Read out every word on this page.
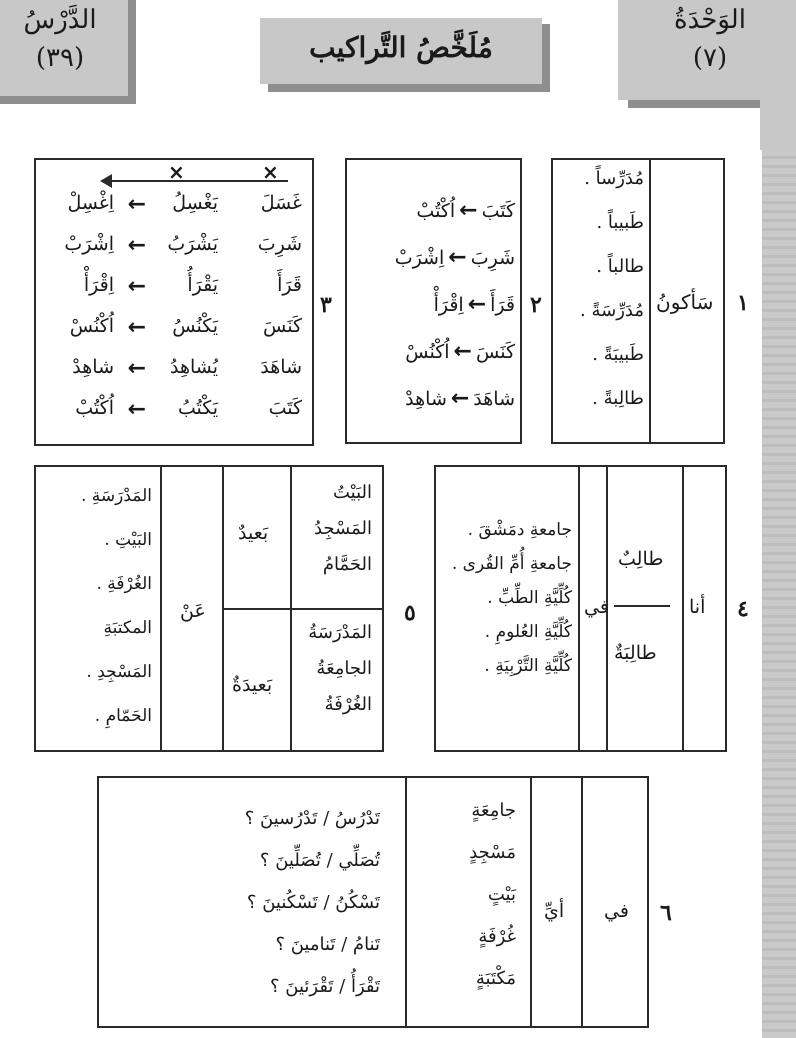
الوَحْدَةُ
(٧)
الدَّرْسُ
(٣٩)	مُلَخَّصُ التَّراكيب
١
سَأكونُ
مُدَرِّساً .
طَبيباً .
طالباً .
مُدَرِّسَةً .
طَبيبَةً .
طالِبةً .
٢
كَتَبَ←اُكْتُبْ
شَرِبَ←اِشْرَبْ
قَرَأَ←اِقْرَأْ
كَنَسَ←اُكْنُسْ
شاهَدَ←شاهِدْ
٣
×	×
غَسَلَ
يَغْسِلُ
←
اِغْسِلْ
شَرِبَ
يَشْرَبُ
←
اِشْرَبْ
قَرَأَ
يَقْرَأُ
←
اِقْرَأْ
كَنَسَ
يَكْنُسُ
←
اُكْنُسْ
شاهَدَ
يُشاهِدُ
←
شاهِدْ
كَتَبَ
يَكْتُبُ
←
اُكْتُبْ
٤
أنا
طالِبٌ
طالِبَةٌ
في
جامعةِ دمَشْقَ .
جامعةِ أُمِّ القُرى .
كُلِّيَّةِ الطِّبِّ .
كُلِّيَّةِ العُلومِ .
كُلِّيَّةِ التَّرْبِيَةِ .
٥
البَيْتُ
المَسْجِدُ
الحَمَّامُ
بَعيدٌ
المَدْرَسَةُ
الجامِعَةُ
الغُرْفَةُ
بَعيدَةٌ
عَنْ
المَدْرَسَةِ .
البَيْتِ .
الغُرْفَةِ .
المكتبَةِ
المَسْجِدِ .
الحَمّامِ .
٦
في
أيِّ
جامِعَةٍ
مَسْجِدٍ
بَيْتٍ
غُرْفَةٍ
مَكْتَبَةٍ
تَدْرُسُ / تَدْرُسينَ ؟
تُصَلِّي / تُصَلِّينَ ؟
تَسْكُنُ / تَسْكُنينَ ؟
تَنامُ / تَنامينَ ؟
تَقْرَأُ / تَقْرَئينَ ؟
